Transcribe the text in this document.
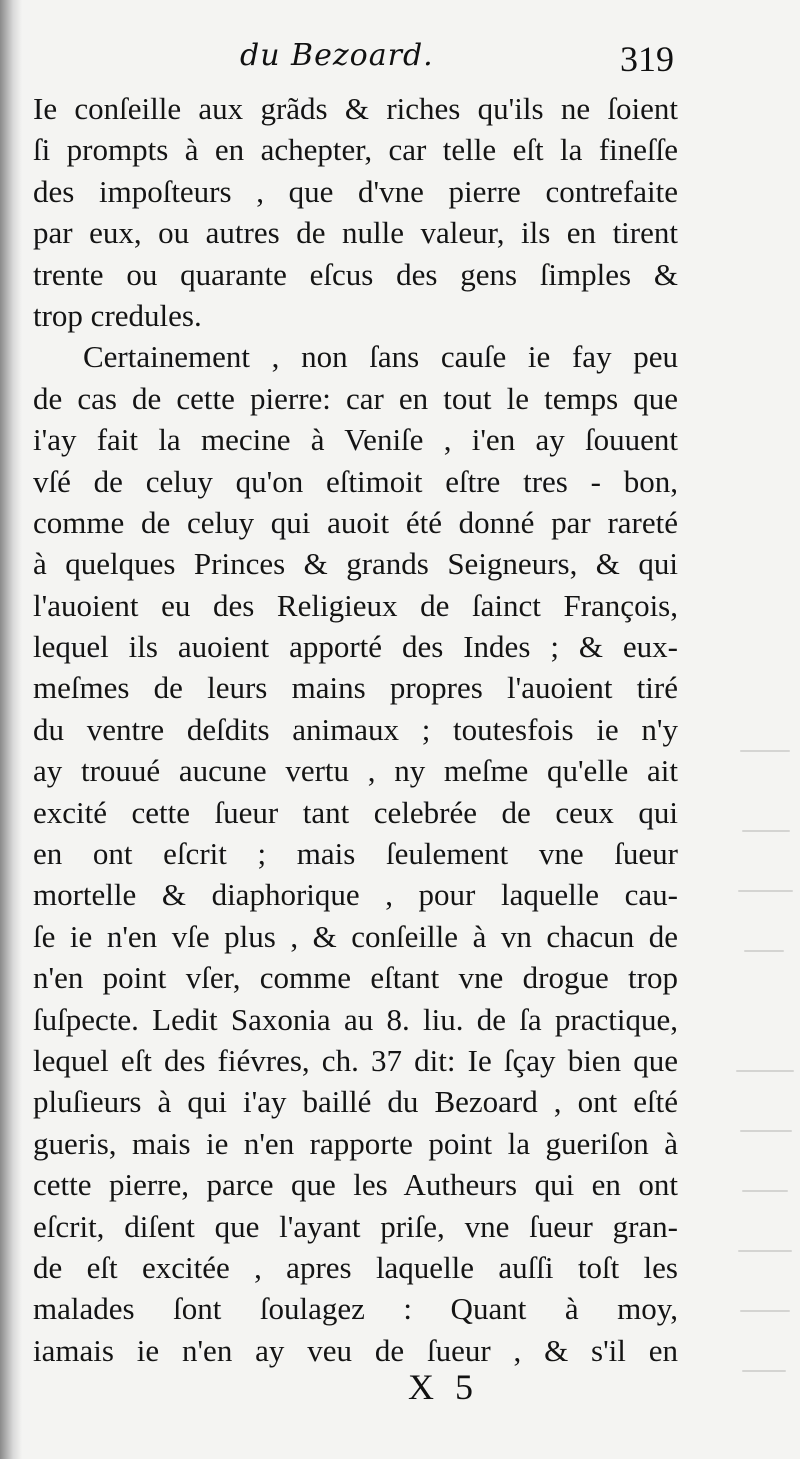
du Bezoard.	319
Ie conſeille aux grãds & riches qu'ils ne ſoient
ſi prompts à en achepter, car telle eſt la fineſſe
des impoſteurs , que d'vne pierre contrefaite
par eux, ou autres de nulle valeur, ils en tirent
trente ou quarante eſcus des gens ſimples &
trop credules.
Certainement , non ſans cauſe ie fay peu
de cas de cette pierre: car en tout le temps que
i'ay fait la mecine à Veniſe , i'en ay ſouuent
vſé de celuy qu'on eſtimoit eſtre tres - bon,
comme de celuy qui auoit été donné par rareté
à quelques Princes & grands Seigneurs, & qui
l'auoient eu des Religieux de ſainct François,
lequel ils auoient apporté des Indes ; & eux-
meſmes de leurs mains propres l'auoient tiré
du ventre deſdits animaux ; toutesfois ie n'y
ay trouué aucune vertu , ny meſme qu'elle ait
excité cette ſueur tant celebrée de ceux qui
en ont eſcrit ; mais ſeulement vne ſueur
mortelle & diaphorique , pour laquelle cau-
ſe ie n'en vſe plus , & conſeille à vn chacun de
n'en point vſer, comme eſtant vne drogue trop
ſuſpecte. Ledit Saxonia au 8. liu. de ſa practique,
lequel eſt des fiévres, ch. 37 dit: Ie ſçay bien que
pluſieurs à qui i'ay baillé du Bezoard , ont eſté
gueris, mais ie n'en rapporte point la gueriſon à
cette pierre, parce que les Autheurs qui en ont
eſcrit, diſent que l'ayant priſe, vne ſueur gran-
de eſt excitée , apres laquelle auſſi toſt les
malades ſont ſoulagez : Quant à moy,
iamais ie n'en ay veu de ſueur , & s'il en
X 5
